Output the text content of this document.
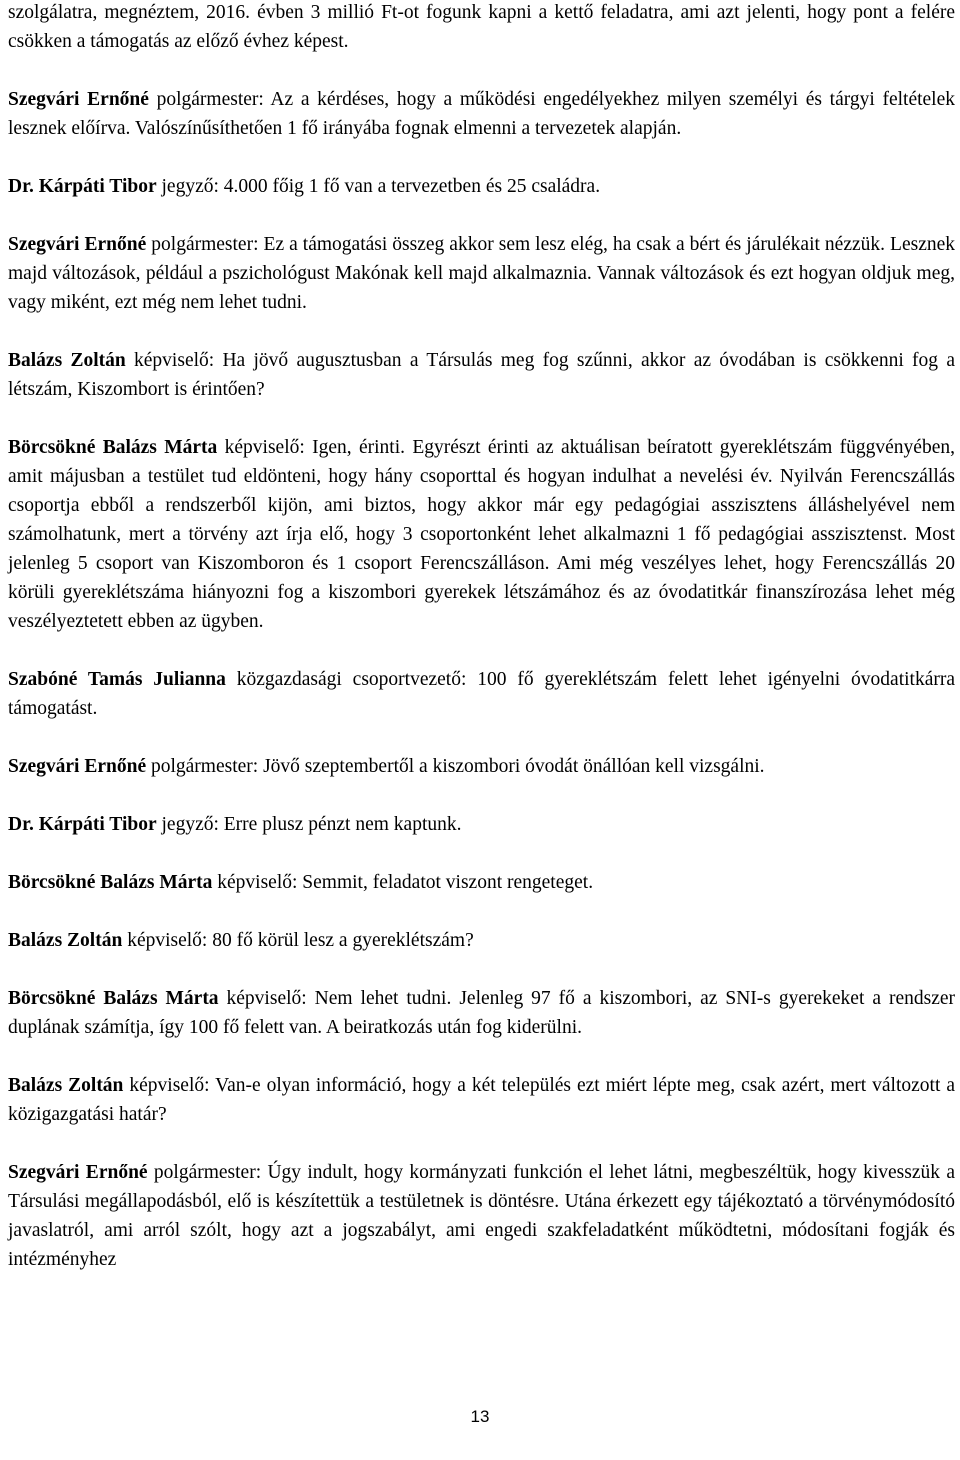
szolgálatra, megnéztem, 2016. évben 3 millió Ft-ot fogunk kapni a kettő feladatra, ami azt jelenti, hogy pont a felére csökken a támogatás az előző évhez képest.

Szegvári Ernőné polgármester: Az a kérdéses, hogy a működési engedélyekhez milyen személyi és tárgyi feltételek lesznek előírva. Valószínűsíthetően 1 fő irányába fognak elmenni a tervezetek alapján.

Dr. Kárpáti Tibor jegyző: 4.000 főig 1 fő van a tervezetben és 25 családra.

Szegvári Ernőné polgármester: Ez a támogatási összeg akkor sem lesz elég, ha csak a bért és járulékait nézzük. Lesznek majd változások, például a pszichológust Makónak kell majd alkalmaznia. Vannak változások és ezt hogyan oldjuk meg, vagy miként, ezt még nem lehet tudni.

Balázs Zoltán képviselő: Ha jövő augusztusban a Társulás meg fog szűnni, akkor az óvodában is csökkenni fog a létszám, Kiszombort is érintően?

Börcsökné Balázs Márta képviselő: Igen, érinti. Egyrészt érinti az aktuálisan beíratott gyereklétszám függvényében, amit májusban a testület tud eldönteni, hogy hány csoporttal és hogyan indulhat a nevelési év. Nyilván Ferencszállás csoportja ebből a rendszerből kijön, ami biztos, hogy akkor már egy pedagógiai asszisztens álláshelyével nem számolhatunk, mert a törvény azt írja elő, hogy 3 csoportonként lehet alkalmazni 1 fő pedagógiai asszisztenst. Most jelenleg 5 csoport van Kiszomboron és 1 csoport Ferencszálláson. Ami még veszélyes lehet, hogy Ferencszállás 20 körüli gyereklétszáma hiányozni fog a kiszombori gyerekek létszámához és az óvodatitkár finanszírozása lehet még veszélyeztetett ebben az ügyben.

Szabóné Tamás Julianna közgazdasági csoportvezető: 100 fő gyereklétszám felett lehet igényelni óvodatitkárra támogatást.

Szegvári Ernőné polgármester: Jövő szeptembertől a kiszombori óvodát önállóan kell vizsgálni.

Dr. Kárpáti Tibor jegyző: Erre plusz pénzt nem kaptunk.

Börcsökné Balázs Márta képviselő: Semmit, feladatot viszont rengeteget.

Balázs Zoltán képviselő: 80 fő körül lesz a gyereklétszám?

Börcsökné Balázs Márta képviselő: Nem lehet tudni. Jelenleg 97 fő a kiszombori, az SNI-s gyerekeket a rendszer duplának számítja, így 100 fő felett van. A beiratkozás után fog kiderülni.

Balázs Zoltán képviselő: Van-e olyan információ, hogy a két település ezt miért lépte meg, csak azért, mert változott a közigazgatási határ?

Szegvári Ernőné polgármester: Úgy indult, hogy kormányzati funkción el lehet látni, megbeszéltük, hogy kivesszük a Társulási megállapodásból, elő is készítettük a testületnek is döntésre. Utána érkezett egy tájékoztató a törvénymódosító javaslatról, ami arról szólt, hogy azt a jogszabályt, ami engedi szakfeladatként működtetni, módosítani fogják és intézményhez

13
